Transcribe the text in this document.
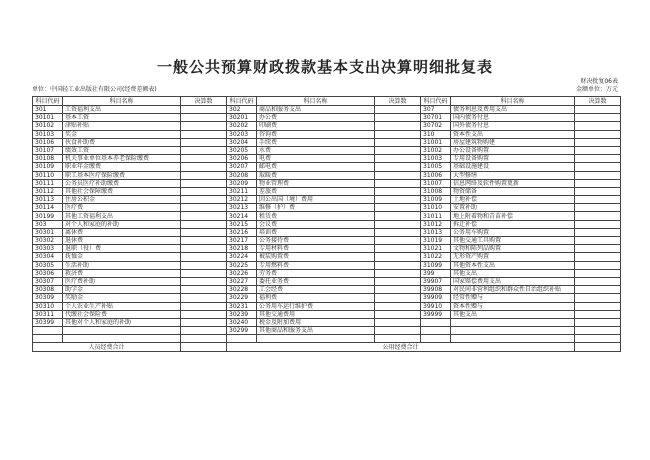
一般公共预算财政拨款基本支出决算明细批复表
单位：中国轻工业出版社有限公司(经费差额表)
财决批复06表
金额单位：万元
科目代码	科目名称	决算数	科目代码	科目名称	决算数	科目代码	科目名称	决算数
301	工资福利支出		302	商品和服务支出		307	债务利息及费用支出	
30101	基本工资		30201	办公费		30701	国内债务付息	
30102	津贴补贴		30202	印刷费		30702	国外债务付息	
30103	奖金		30203	咨询费		310	资本性支出	
30106	伙食补助费		30204	手续费		31001	房屋建筑物购建	
30107	绩效工资		30205	水费		31002	办公设备购置	
30108	机关事业单位基本养老保险缴费		30206	电费		31003	专用设备购置	
30109	职业年金缴费		30207	邮电费		31005	基础设施建设	
30110	职工基本医疗保险缴费		30208	取暖费		31006	大型修缮	
30111	公务员医疗补助缴费		30209	物业管理费		31007	信息网络及软件购置更新	
30112	其他社会保障缴费		30211	差旅费		31008	物资储备	
30113	住房公积金		30212	因公出国（境）费用		31009	土地补偿	
30114	医疗费		30213	维修（护）费		31010	安置补助	
30199	其他工资福利支出		30214	租赁费		31011	地上附着物和青苗补偿	
303	对个人和家庭的补助		30215	会议费		31012	拆迁补偿	
30301	离休费		30216	培训费		31013	公务用车购置	
30302	退休费		30217	公务接待费		31019	其他交通工具购置	
30303	退职（役）费		30218	专用材料费		31021	文物和陈列品购置	
30304	抚恤金		30224	被装购置费		31022	无形资产购置	
30305	生活补助		30225	专用燃料费		31099	其他资本性支出	
30306	救济费		30226	劳务费		399	其他支出	
30307	医疗费补助		30227	委托业务费		39907	国家赔偿费用支出	
30308	助学金		30228	工会经费		39908	对民间非营利组织和群众性自治组织补贴	
30309	奖励金		30229	福利费		39909	经常性赠与	
30310	个人农业生产补贴		30231	公务用车运行维护费		39910	资本性赠与	
30311	代缴社会保险费		30239	其他交通费用		39999	其他支出	
30399	其他对个人和家庭的补助		30240	税金及附加费用				
			30299	其他商品和服务支出				

人员经费合计			公用经费合计					
